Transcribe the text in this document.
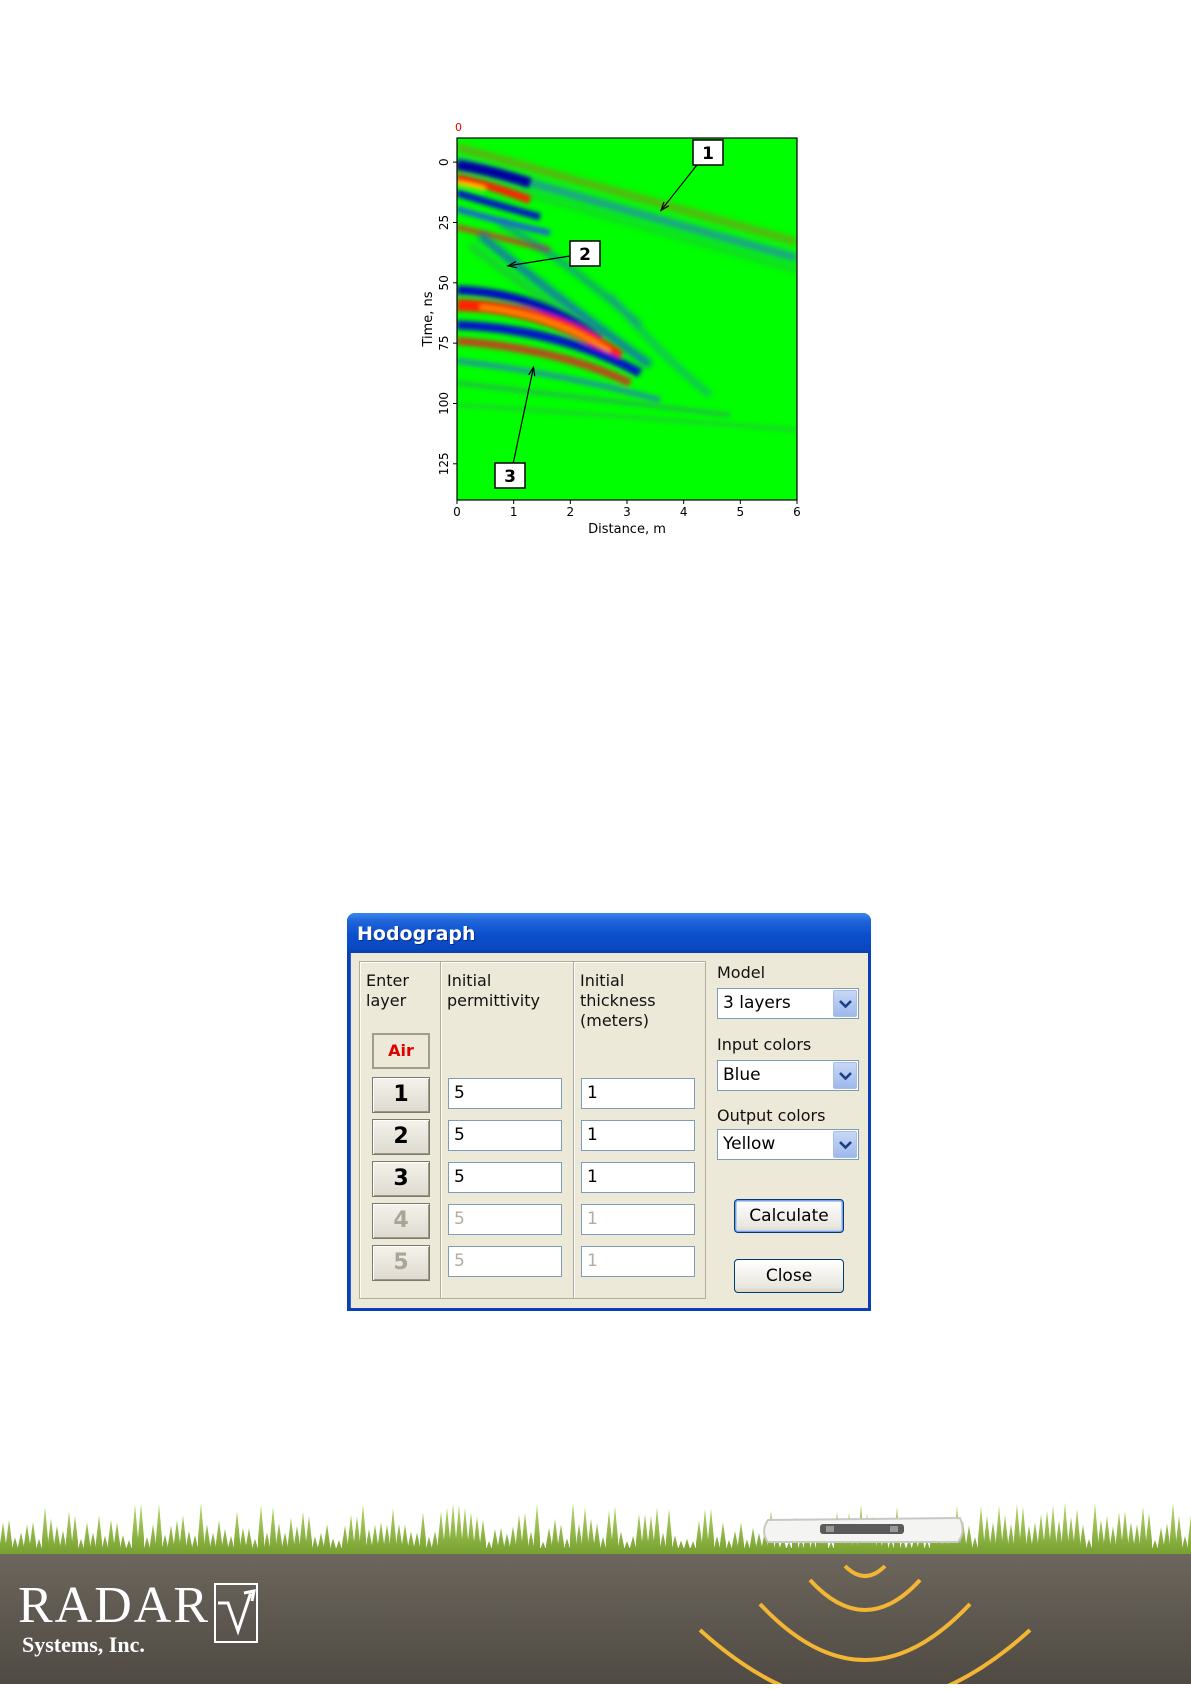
0
0	1	2	3	4	5	6
0
25
50
75
100
125
Distance, m
Time, ns
1
2
3
Hodograph
Enter layer
Initial permittivity
Initial thickness (meters)
Air
1	5	1
2	5	1
3	5	1
4	5	1
5	5	1
Model
3 layers
Input colors
Blue
Output colors
Yellow
Calculate
Close
RADAR
Systems, Inc.
